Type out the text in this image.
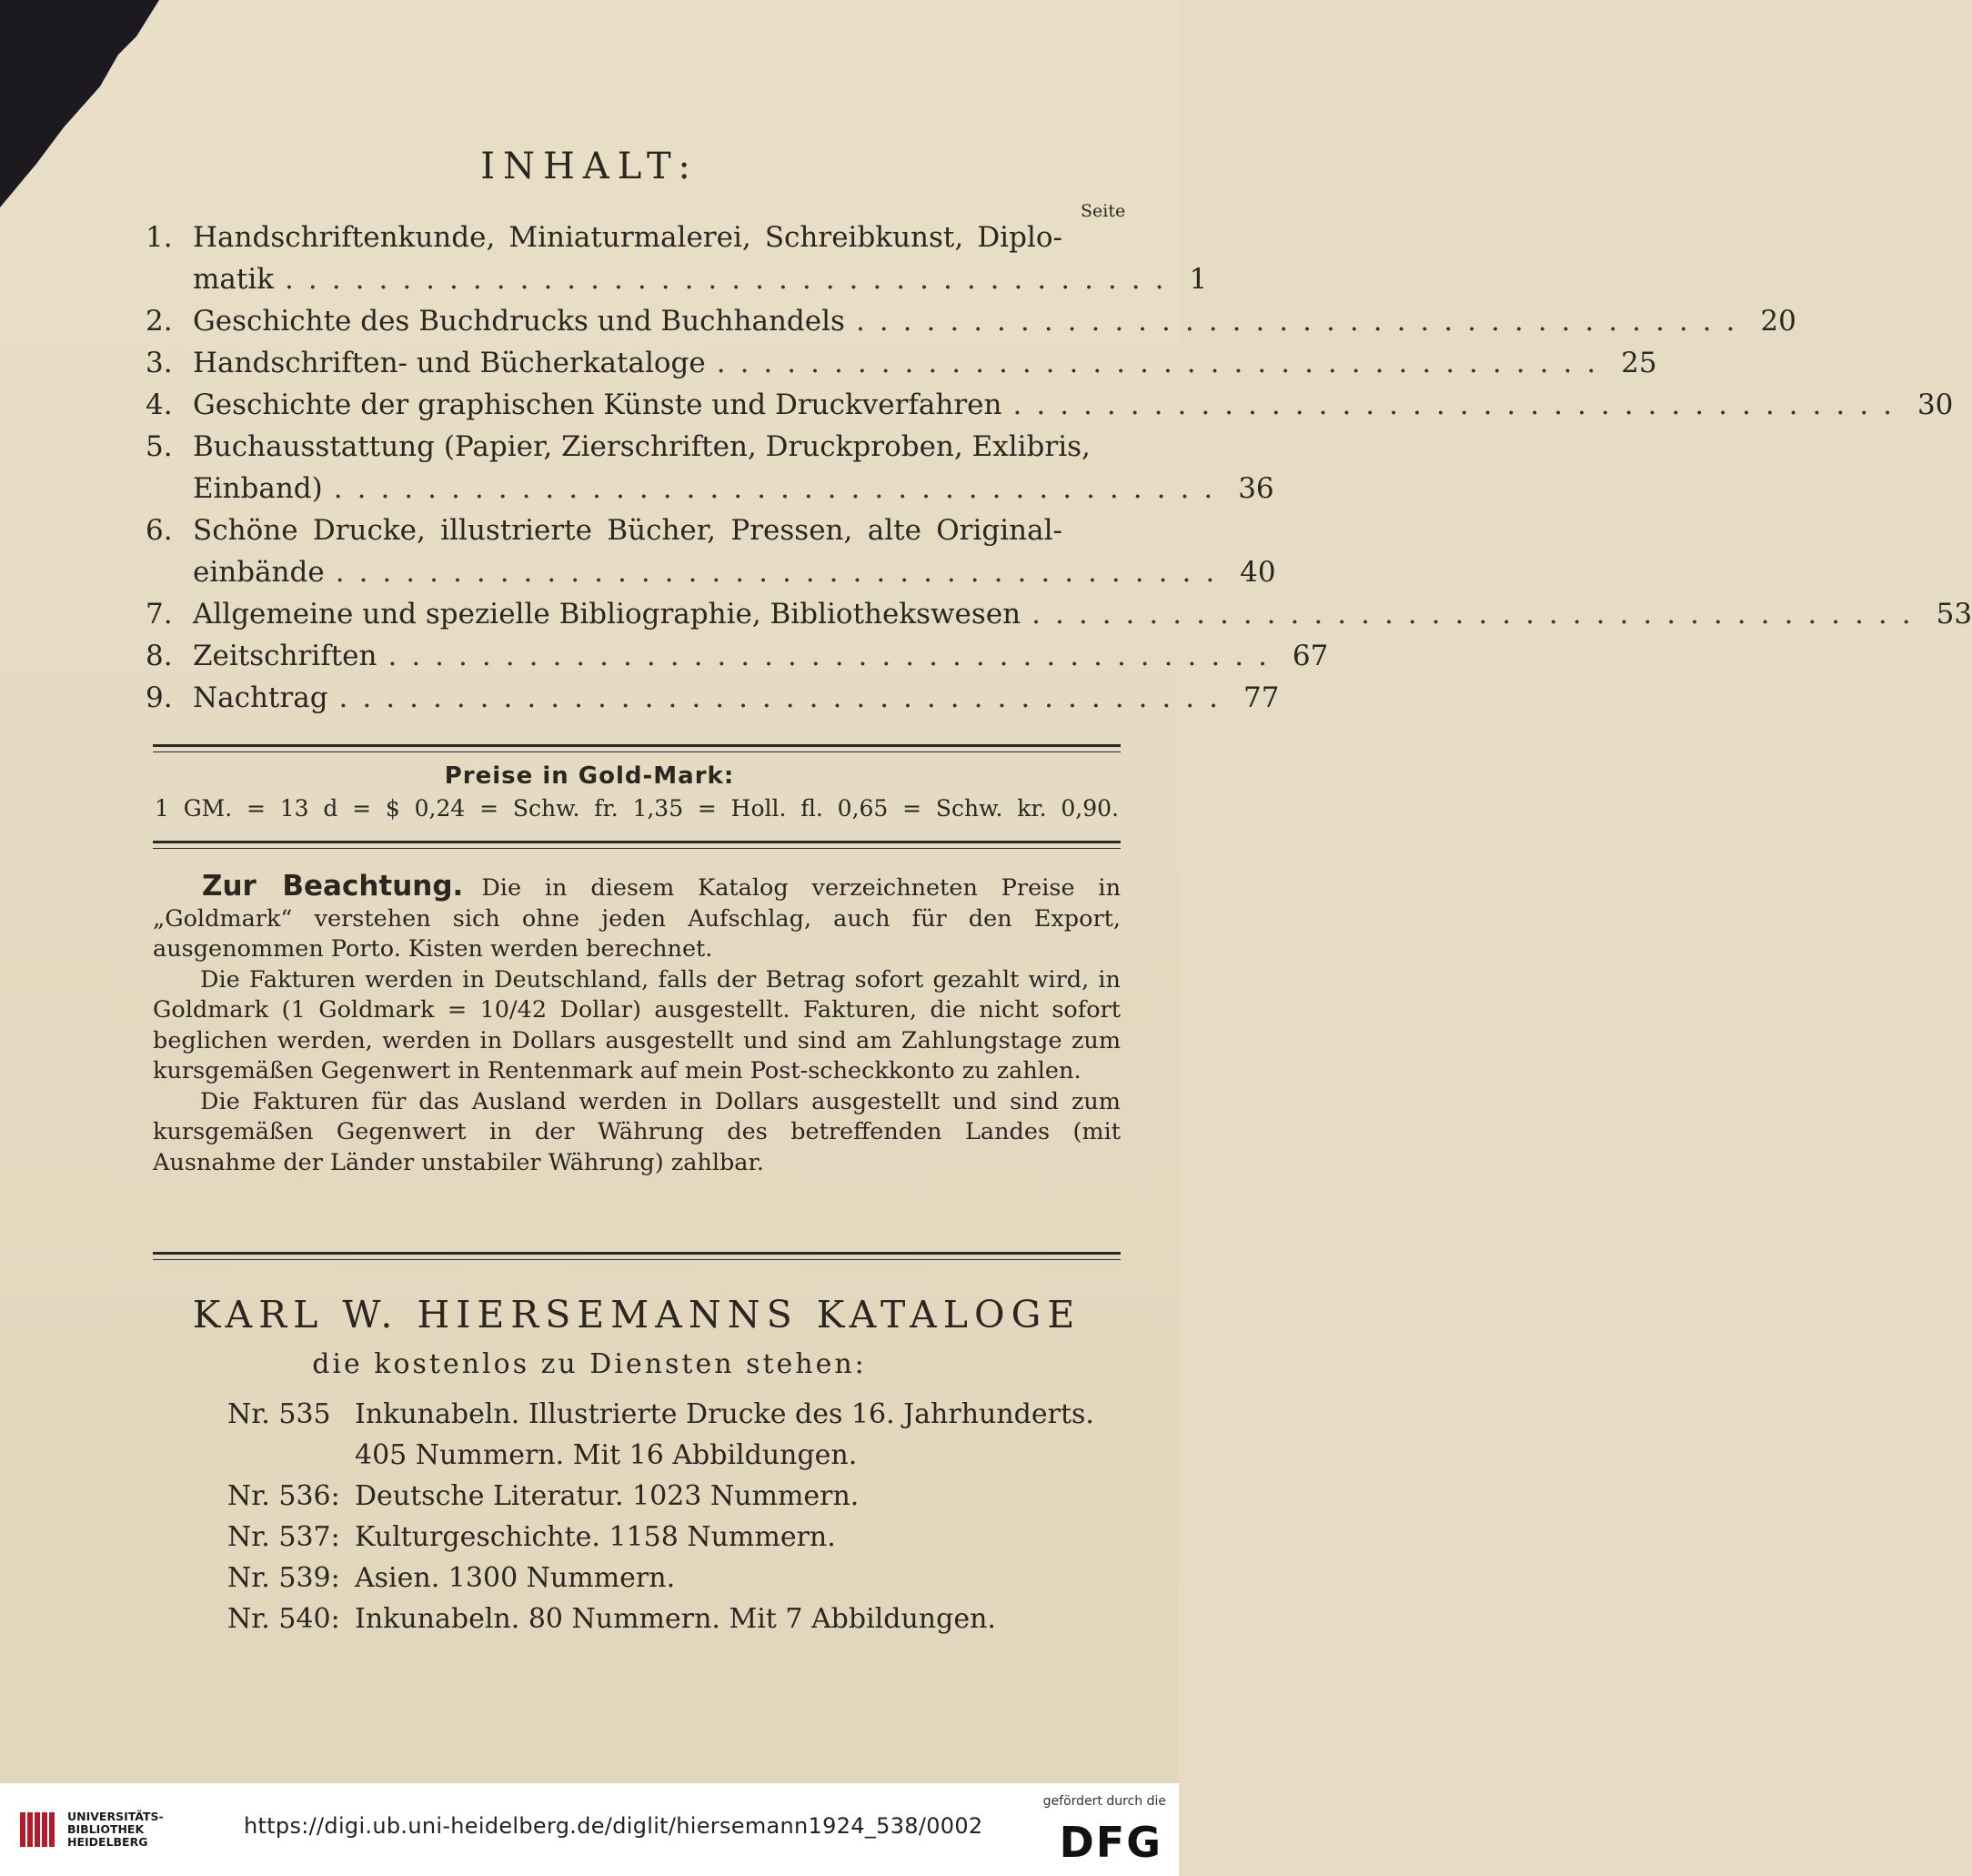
INHALT:
Seite
1. Handschriftenkunde, Miniaturmalerei, Schreibkunst, Diplo-
matik ...................................... 1
2. Geschichte des Buchdrucks und Buchhandels ...................................... 20
3. Handschriften- und Bücherkataloge ...................................... 25
4. Geschichte der graphischen Künste und Druckverfahren ...................................... 30
5. Buchausstattung (Papier, Zierschriften, Druckproben, Exlibris,
Einband) ...................................... 36
6. Schöne Drucke, illustrierte Bücher, Pressen, alte Original-
einbände ...................................... 40
7. Allgemeine und spezielle Bibliographie, Bibliothekswesen ...................................... 53
8. Zeitschriften ...................................... 67
9. Nachtrag ...................................... 77
Preise in Gold-Mark:
1 GM. = 13 d = $ 0,24 = Schw. fr. 1,35 = Holl. fl. 0,65 = Schw. kr. 0,90.

Zur Beachtung. Die in diesem Katalog verzeichneten Preise in „Goldmark“ verstehen sich ohne jeden Aufschlag, auch für den Export, ausgenommen Porto. Kisten werden berechnet.

Die Fakturen werden in Deutschland, falls der Betrag sofort gezahlt wird, in Goldmark (1 Goldmark = 10/42 Dollar) ausgestellt. Fakturen, die nicht sofort beglichen werden, werden in Dollars ausgestellt und sind am Zahlungstage zum kursgemäßen Gegenwert in Rentenmark auf mein Post-scheckkonto zu zahlen.

Die Fakturen für das Ausland werden in Dollars ausgestellt und sind zum kursgemäßen Gegenwert in der Währung des betreffenden Landes (mit Ausnahme der Länder unstabiler Währung) zahlbar.

KARL W. HIERSEMANNS KATALOGE
die kostenlos zu Diensten stehen:
Nr. 535 Inkunabeln. Illustrierte Drucke des 16. Jahrhunderts.
405 Nummern. Mit 16 Abbildungen.
Nr. 536: Deutsche Literatur. 1023 Nummern.
Nr. 537: Kulturgeschichte. 1158 Nummern.
Nr. 539: Asien. 1300 Nummern.
Nr. 540: Inkunabeln. 80 Nummern. Mit 7 Abbildungen.
UNIVERSITÄTS-
BIBLIOTHEK
HEIDELBERG
https://digi.ub.uni-heidelberg.de/diglit/hiersemann1924_538/0002
gefördert durch die
DFG
